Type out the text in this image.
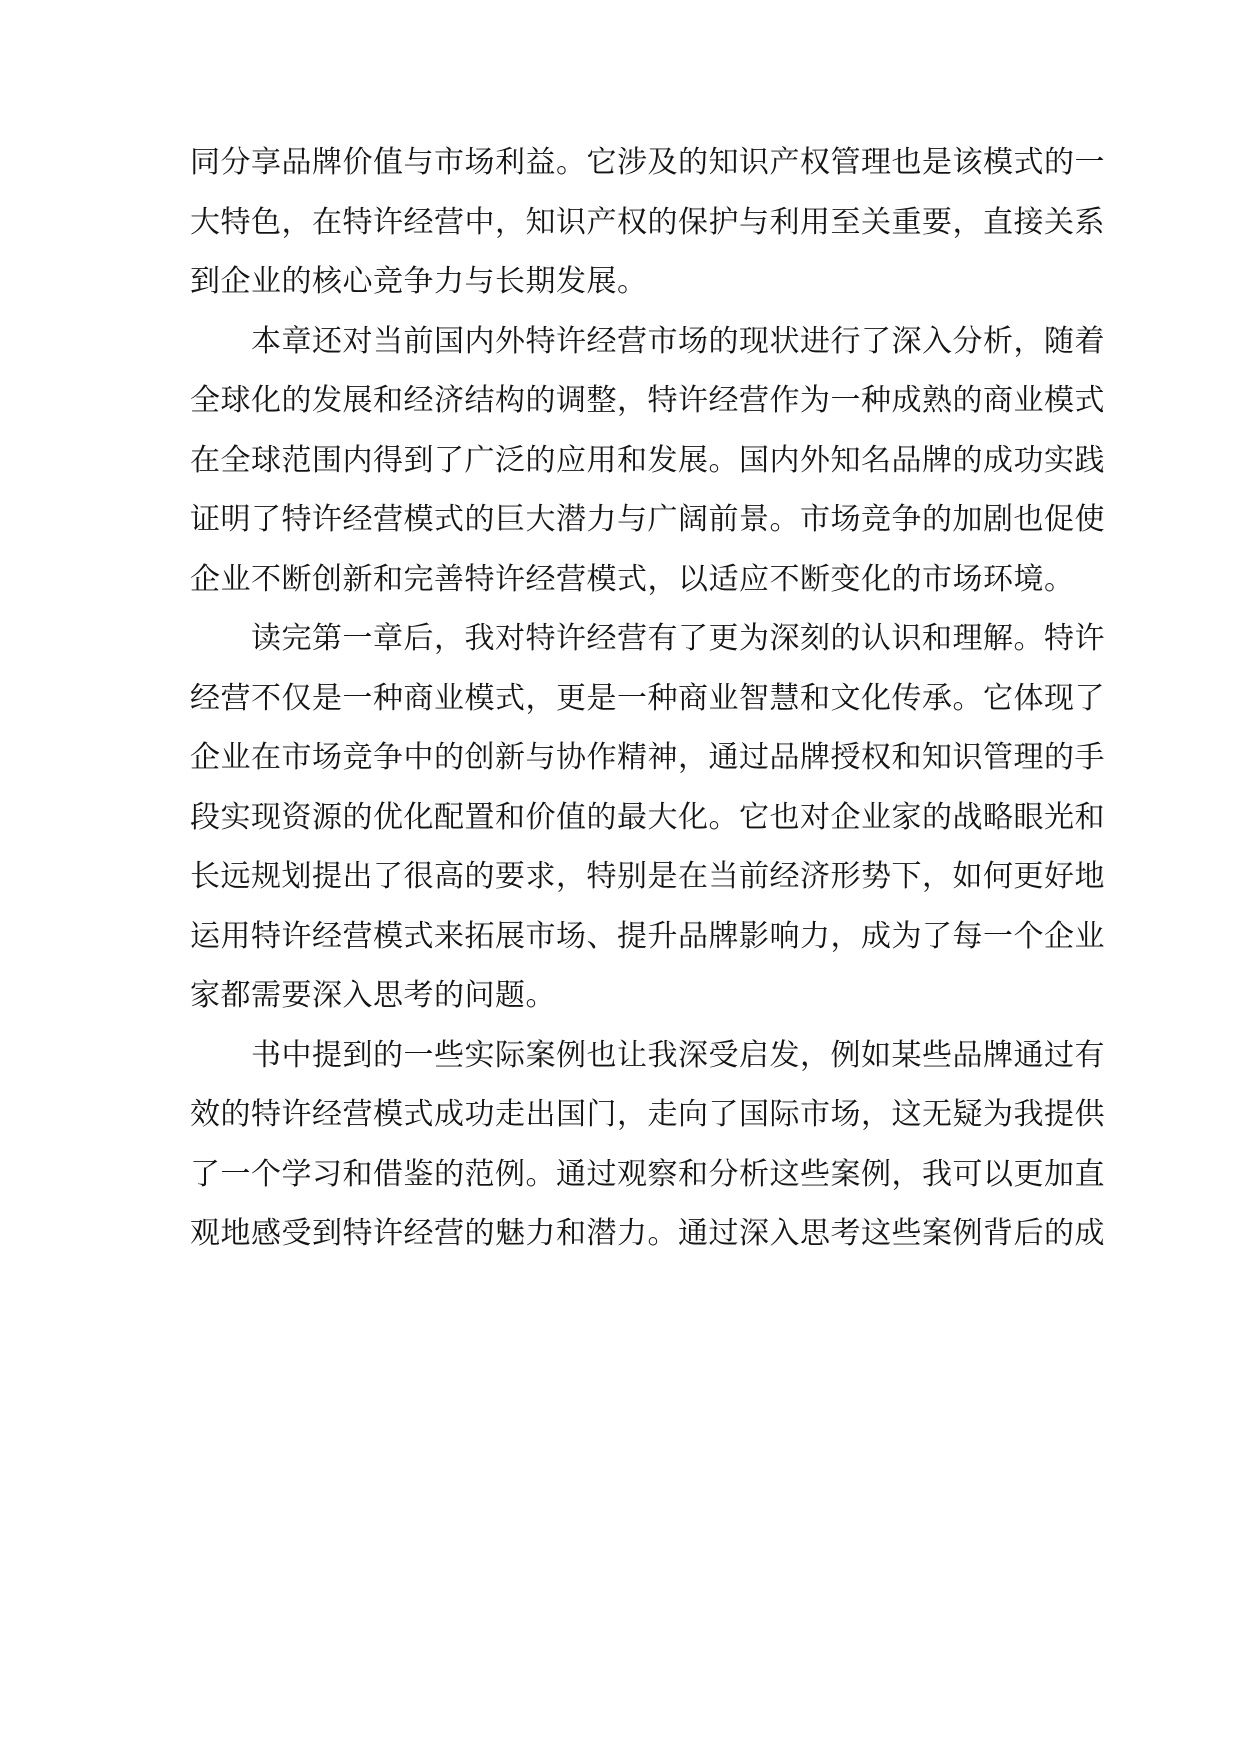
同分享品牌价值与市场利益。它涉及的知识产权管理也是该模式的一
大特色，在特许经营中，知识产权的保护与利用至关重要，直接关系
到企业的核心竞争力与长期发展。
　　本章还对当前国内外特许经营市场的现状进行了深入分析，随着
全球化的发展和经济结构的调整，特许经营作为一种成熟的商业模式
在全球范围内得到了广泛的应用和发展。国内外知名品牌的成功实践
证明了特许经营模式的巨大潜力与广阔前景。市场竞争的加剧也促使
企业不断创新和完善特许经营模式，以适应不断变化的市场环境。
　　读完第一章后，我对特许经营有了更为深刻的认识和理解。特许
经营不仅是一种商业模式，更是一种商业智慧和文化传承。它体现了
企业在市场竞争中的创新与协作精神，通过品牌授权和知识管理的手
段实现资源的优化配置和价值的最大化。它也对企业家的战略眼光和
长远规划提出了很高的要求，特别是在当前经济形势下，如何更好地
运用特许经营模式来拓展市场、提升品牌影响力，成为了每一个企业
家都需要深入思考的问题。
　　书中提到的一些实际案例也让我深受启发，例如某些品牌通过有
效的特许经营模式成功走出国门，走向了国际市场，这无疑为我提供
了一个学习和借鉴的范例。通过观察和分析这些案例，我可以更加直
观地感受到特许经营的魅力和潜力。通过深入思考这些案例背后的成
